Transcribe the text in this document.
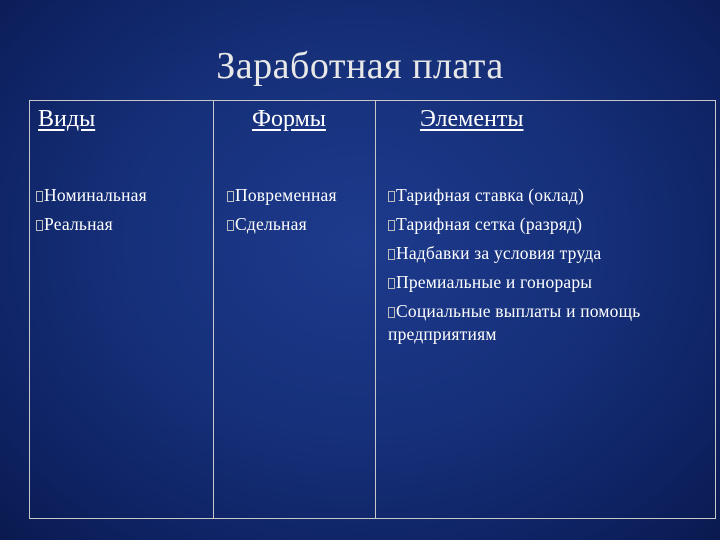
Заработная плата
Виды
Номинальная
Реальная
Формы
Повременная
Сдельная
Элементы
Тарифная ставка (оклад)
Тарифная сетка (разряд)
Надбавки за условия труда
Премиальные и гонорары
Социальные выплаты и помощь предприятиям
